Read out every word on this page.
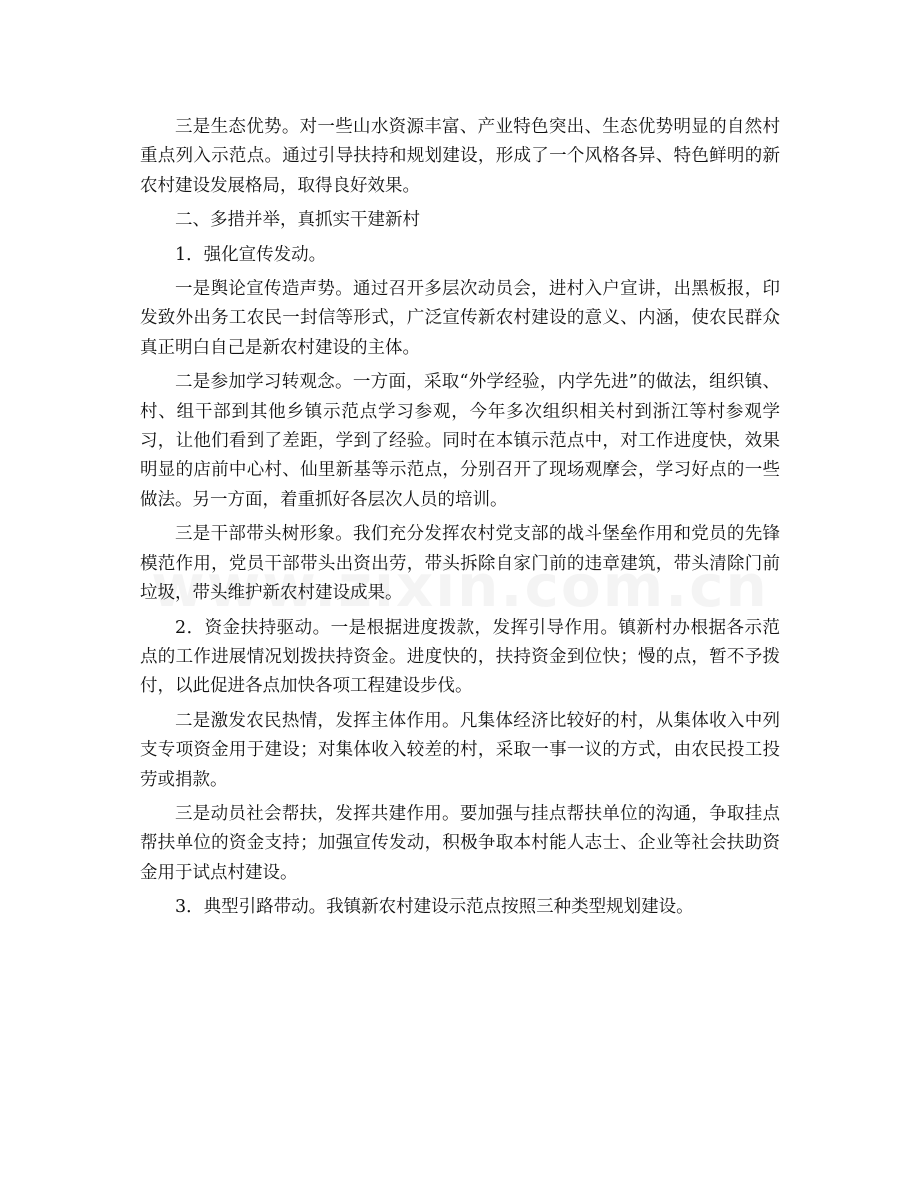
三是生态优势。对一些山水资源丰富、产业特色突出、生态优势明显的自然村重点列入示范点。通过引导扶持和规划建设，形成了一个风格各异、特色鲜明的新农村建设发展格局，取得良好效果。

二、多措并举，真抓实干建新村

1．强化宣传发动。

一是舆论宣传造声势。通过召开多层次动员会，进村入户宣讲，出黑板报，印发致外出务工农民一封信等形式，广泛宣传新农村建设的意义、内涵，使农民群众真正明白自己是新农村建设的主体。

二是参加学习转观念。一方面，采取“外学经验，内学先进”的做法，组织镇、村、组干部到其他乡镇示范点学习参观，今年多次组织相关村到浙江等村参观学习，让他们看到了差距，学到了经验。同时在本镇示范点中，对工作进度快，效果明显的店前中心村、仙里新基等示范点，分别召开了现场观摩会，学习好点的一些做法。另一方面，着重抓好各层次人员的培训。

三是干部带头树形象。我们充分发挥农村党支部的战斗堡垒作用和党员的先锋模范作用，党员干部带头出资出劳，带头拆除自家门前的违章建筑，带头清除门前垃圾，带头维护新农村建设成果。

2．资金扶持驱动。一是根据进度拨款，发挥引导作用。镇新村办根据各示范点的工作进展情况划拨扶持资金。进度快的，扶持资金到位快；慢的点，暂不予拨付，以此促进各点加快各项工程建设步伐。

二是激发农民热情，发挥主体作用。凡集体经济比较好的村，从集体收入中列支专项资金用于建设；对集体收入较差的村，采取一事一议的方式，由农民投工投劳或捐款。

三是动员社会帮扶，发挥共建作用。要加强与挂点帮扶单位的沟通，争取挂点帮扶单位的资金支持；加强宣传发动，积极争取本村能人志士、企业等社会扶助资金用于试点村建设。

3．典型引路带动。我镇新农村建设示范点按照三种类型规划建设。
